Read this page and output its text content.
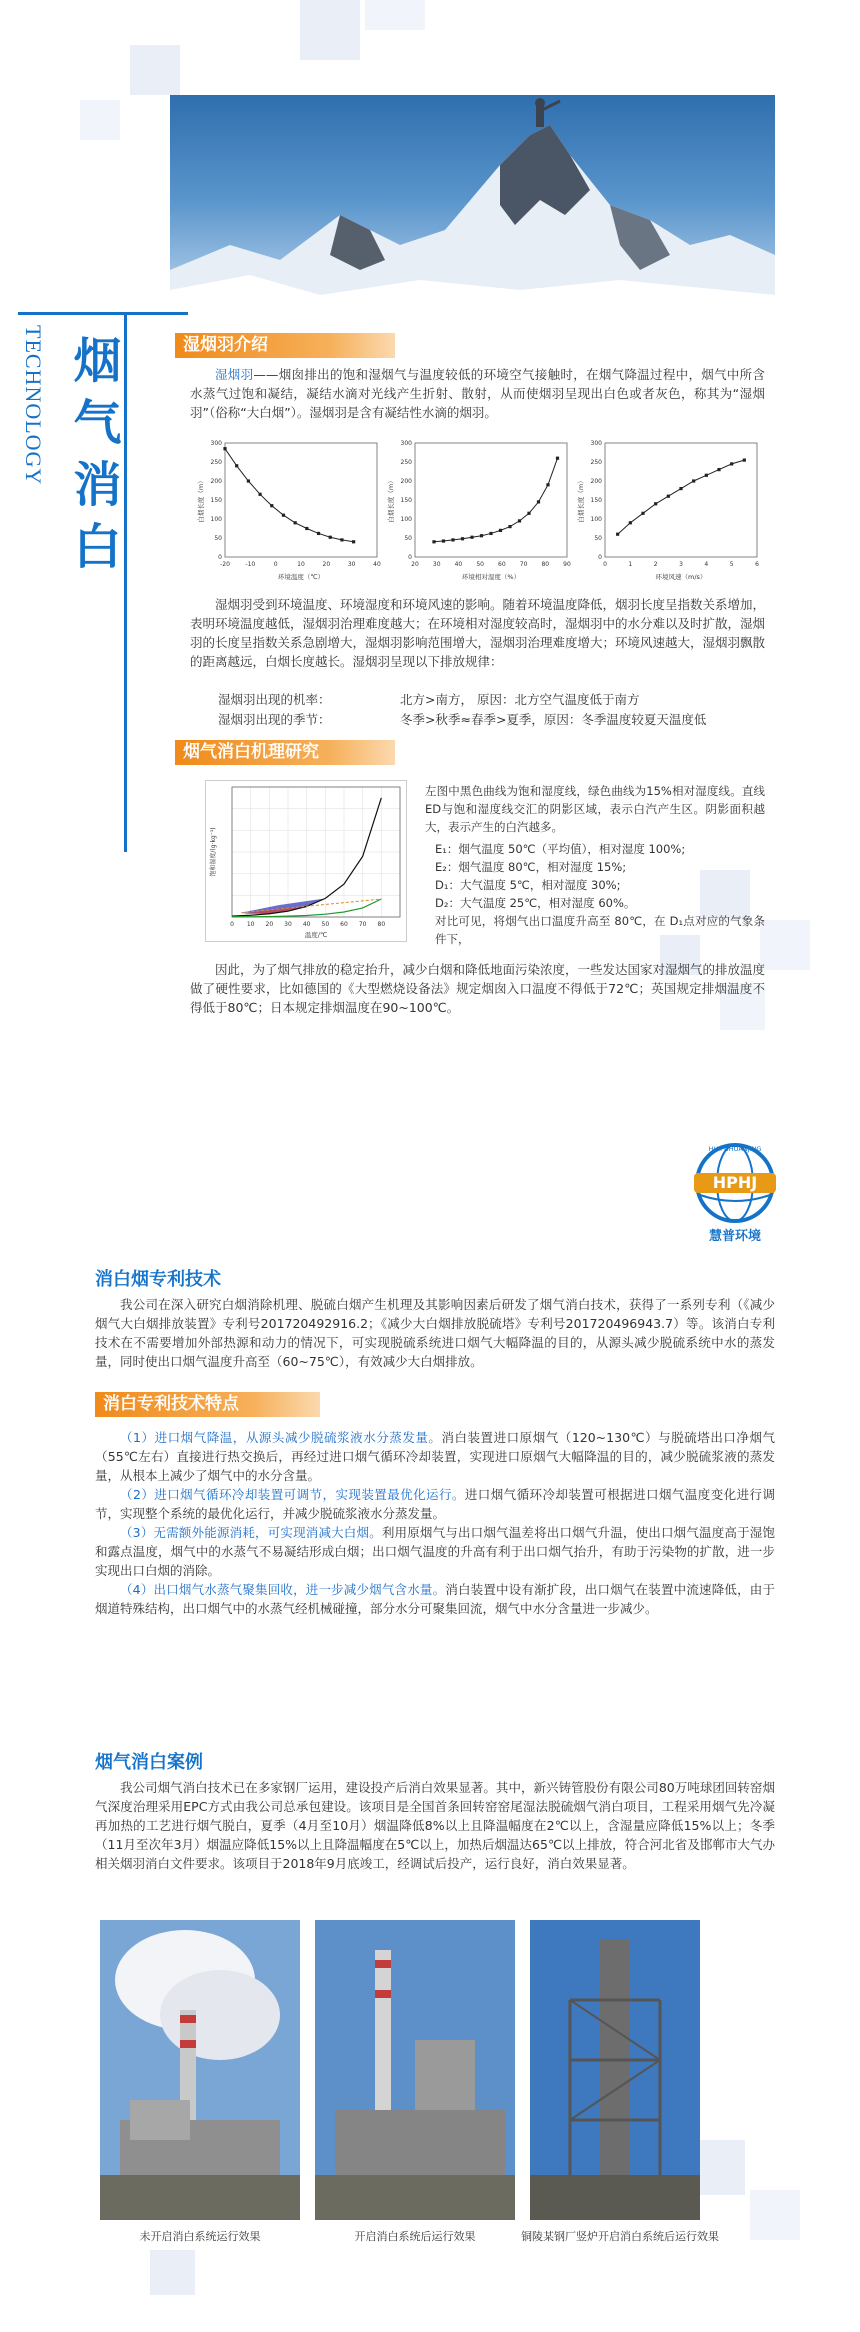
烟气消白
TECHNOLOGY	湿烟羽介绍
湿烟羽——烟囱排出的饱和湿烟气与温度较低的环境空气接触时，在烟气降温过程中，烟气中所含水蒸气过饱和凝结，凝结水滴对光线产生折射、散射，从而使烟羽呈现出白色或者灰色，称其为“湿烟羽”（俗称“大白烟”）。湿烟羽是含有凝结性水滴的烟羽。
-20	-10	0	10	20	30	40
0
50
100
150
200
250
300
环境温度（℃）
白烟长度（m）
20 30 40 50 60 70 80 90
0
50
100
150
200
250
300
环境相对湿度（%）
白烟长度（m）
0	1	2	3	4	5	6
0
50
100
150
200
250
300
环境风速（m/s）
白烟长度（m）
湿烟羽受到环境温度、环境湿度和环境风速的影响。随着环境温度降低，烟羽长度呈指数关系增加，表明环境温度越低，湿烟羽治理难度越大；在环境相对湿度较高时，湿烟羽中的水分难以及时扩散，湿烟羽的长度呈指数关系急剧增大，湿烟羽影响范围增大，湿烟羽治理难度增大；环境风速越大，湿烟羽飘散的距离越远，白烟长度越长。湿烟羽呈现以下排放规律：
湿烟羽出现的机率：	北方>南方， 原因：北方空气温度低于南方
湿烟羽出现的季节：	冬季>秋季≈春季>夏季，原因：冬季温度较夏天温度低
烟气消白机理研究
0 10 20 30 40 50 60 70 80
温度/℃
饱和湿度/(g·kg⁻¹)
左图中黑色曲线为饱和湿度线，绿色曲线为15%相对湿度线。直线ED与饱和湿度线交汇的阴影区域，表示白汽产生区。阴影面积越大，表示产生的白汽越多。
E₁：烟气温度 50℃（平均值），相对湿度 100%;
E₂：烟气温度 80℃，相对湿度 15%;
D₁：大气温度 5℃，相对湿度 30%;
D₂：大气温度 25℃，相对湿度 60%。
对比可见，将烟气出口温度升高至 80℃，在 D₁点对应的气象条件下，
因此，为了烟气排放的稳定抬升，减少白烟和降低地面污染浓度，一些发达国家对湿烟气的排放温度做了硬性要求，比如德国的《大型燃烧设备法》规定烟囱入口温度不得低于72℃；英国规定排烟温度不得低于80℃；日本规定排烟温度在90~100℃。
HPHJ
HUIPUHUANJING
慧普环境
消白烟专利技术
我公司在深入研究白烟消除机理、脱硫白烟产生机理及其影响因素后研发了烟气消白技术，获得了一系列专利（《减少烟气大白烟排放装置》专利号201720492916.2；《减少大白烟排放脱硫塔》专利号201720496943.7）等。该消白专利技术在不需要增加外部热源和动力的情况下，可实现脱硫系统进口烟气大幅降温的目的，从源头减少脱硫系统中水的蒸发量，同时使出口烟气温度升高至（60~75℃），有效减少大白烟排放。
消白专利技术特点
（1）进口烟气降温，从源头减少脱硫浆液水分蒸发量。消白装置进口原烟气（120~130℃）与脱硫塔出口净烟气（55℃左右）直接进行热交换后，再经过进口烟气循环冷却装置，实现进口原烟气大幅降温的目的，减少脱硫浆液的蒸发量，从根本上减少了烟气中的水分含量。
（2）进口烟气循环冷却装置可调节，实现装置最优化运行。进口烟气循环冷却装置可根据进口烟气温度变化进行调节，实现整个系统的最优化运行，并减少脱硫浆液水分蒸发量。
（3）无需额外能源消耗，可实现消减大白烟。利用原烟气与出口烟气温差将出口烟气升温，使出口烟气温度高于湿饱和露点温度，烟气中的水蒸气不易凝结形成白烟；出口烟气温度的升高有利于出口烟气抬升，有助于污染物的扩散，进一步实现出口白烟的消除。
（4）出口烟气水蒸气聚集回收，进一步减少烟气含水量。消白装置中设有渐扩段，出口烟气在装置中流速降低，由于烟道特殊结构，出口烟气中的水蒸气经机械碰撞，部分水分可聚集回流，烟气中水分含量进一步减少。
烟气消白案例
我公司烟气消白技术已在多家钢厂运用，建设投产后消白效果显著。其中，新兴铸管股份有限公司80万吨球团回转窑烟气深度治理采用EPC方式由我公司总承包建设。该项目是全国首条回转窑窑尾湿法脱硫烟气消白项目，工程采用烟气先冷凝再加热的工艺进行烟气脱白，夏季（4月至10月）烟温降低8%以上且降温幅度在2℃以上，含湿量应降低15%以上；冬季（11月至次年3月）烟温应降低15%以上且降温幅度在5℃以上，加热后烟温达65℃以上排放，符合河北省及邯郸市大气办相关烟羽消白文件要求。该项目于2018年9月底竣工，经调试后投产，运行良好，消白效果显著。
未开启消白系统运行效果	开启消白系统后运行效果	铜陵某钢厂竖炉开启消白系统后运行效果
